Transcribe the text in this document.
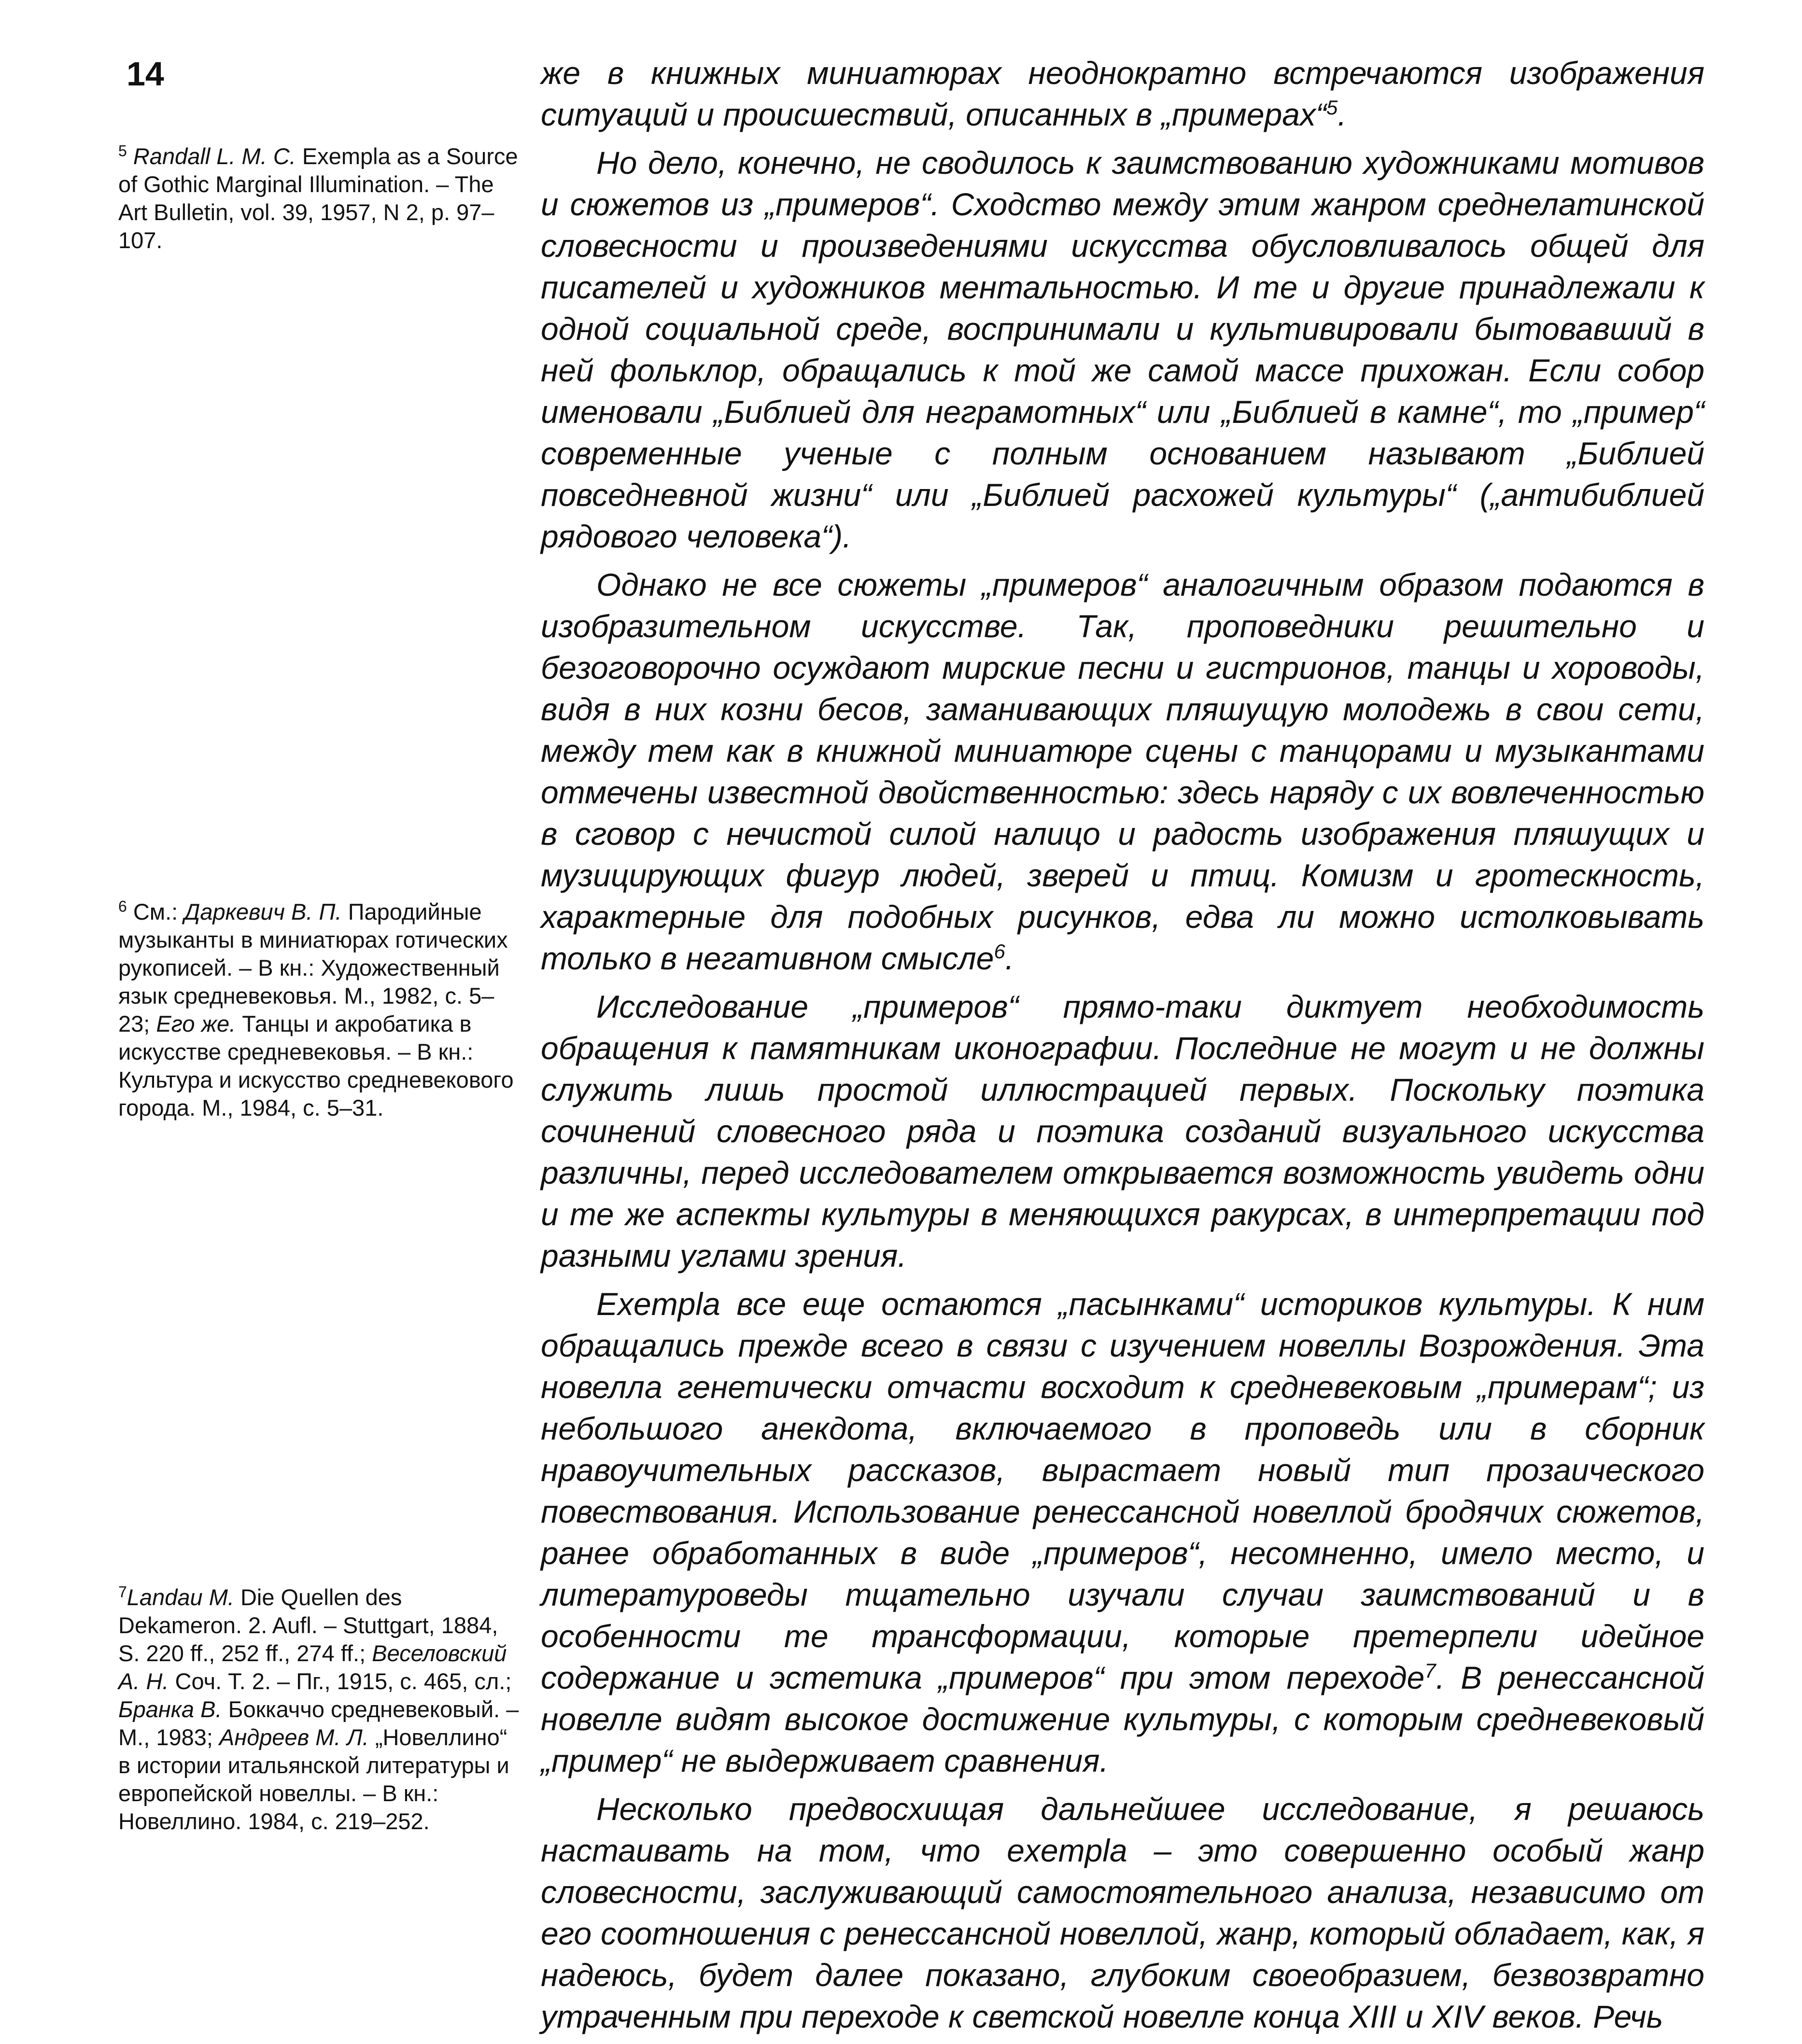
14
$^5$ Randall L. M. C. Exempla as a Source of Gothic Marginal Illumination. – The Art Bulletin, vol. 39, 1957, N 2, p. 97–107.
$^6$ См.: Даркевич В. П. Пародийные музыканты в миниатюрах готических рукописей. – В кн.: Художественный язык средневековья. М., 1982, с. 5–23; Его же. Танцы и акробатика в искусстве средневековья. – В кн.: Культура и искусство средневекового города. М., 1984, с. 5–31.
$^7$Landau M. Die Quellen des Dekameron. 2. Aufl. – Stuttgart, 1884, S. 220 ff., 252 ff., 274 ff.; Веселовский А. Н. Соч. Т. 2. – Пг., 1915, с. 465, сл.; Бранка В. Боккаччо средневековый. – М., 1983; Андреев М. Л. „Новеллино“ в истории итальянской литературы и европейской новеллы. – В кн.: Новеллино. 1984, с. 219–252.

же в книжных миниатюрах неоднократно встречаются изображения ситуаций и происшествий, описанных в „примерах“$^5$.

Но дело, конечно, не сводилось к заимствованию художниками мотивов и сюжетов из „примеров“. Сходство между этим жанром среднелатинской словесности и произведениями искусства обусловливалось общей для писателей и художников ментальностью. И те и другие принадлежали к одной социальной среде, воспринимали и культивировали бытовавший в ней фольклор, обращались к той же самой массе прихожан. Если собор именовали „Библией для неграмотных“ или „Библией в камне“, то „пример“ современные ученые с полным основанием называют „Библией повседневной жизни“ или „Библией расхожей культуры“ („антибиблией рядового человека“).

Однако не все сюжеты „примеров“ аналогичным образом подаются в изобразительном искусстве. Так, проповедники решительно и безоговорочно осуждают мирские песни и гистрионов, танцы и хороводы, видя в них козни бесов, заманивающих пляшущую молодежь в свои сети, между тем как в книжной миниатюре сцены с танцорами и музыкантами отмечены известной двойственностью: здесь наряду с их вовлеченностью в сговор с нечистой силой налицо и радость изображения пляшущих и музицирующих фигур людей, зверей и птиц. Комизм и гротескность, характерные для подобных рисунков, едва ли можно истолковывать только в негативном смысле$^6$.

Исследование „примеров“ прямо-таки диктует необходимость обращения к памятникам иконографии. Последние не могут и не должны служить лишь простой иллюстрацией первых. Поскольку поэтика сочинений словесного ряда и поэтика созданий визуального искусства различны, перед исследователем открывается возможность увидеть одни и те же аспекты культуры в меняющихся ракурсах, в интерпретации под разными углами зрения.

Exempla все еще остаются „пасынками“ историков культуры. К ним обращались прежде всего в связи с изучением новеллы Возрождения. Эта новелла генетически отчасти восходит к средневековым „примерам“; из небольшого анекдота, включаемого в проповедь или в сборник нравоучительных рассказов, вырастает новый тип прозаического повествования. Использование ренессансной новеллой бродячих сюжетов, ранее обработанных в виде „примеров“, несомненно, имело место, и литературоведы тщательно изучали случаи заимствований и в особенности те трансформации, которые претерпели идейное содержание и эстетика „примеров“ при этом переходе$^7$. В ренессансной новелле видят высокое достижение культуры, с которым средневековый „пример“ не выдерживает сравнения.

Несколько предвосхищая дальнейшее исследование, я решаюсь настаивать на том, что exempla – это совершенно особый жанр словесности, заслуживающий самостоятельного анализа, независимо от его соотношения с ренессансной новеллой, жанр, который обладает, как, я надеюсь, будет далее показано, глубоким своеобразием, безвозвратно утраченным при переходе к светской новелле конца XIII и XIV веков. Речь
